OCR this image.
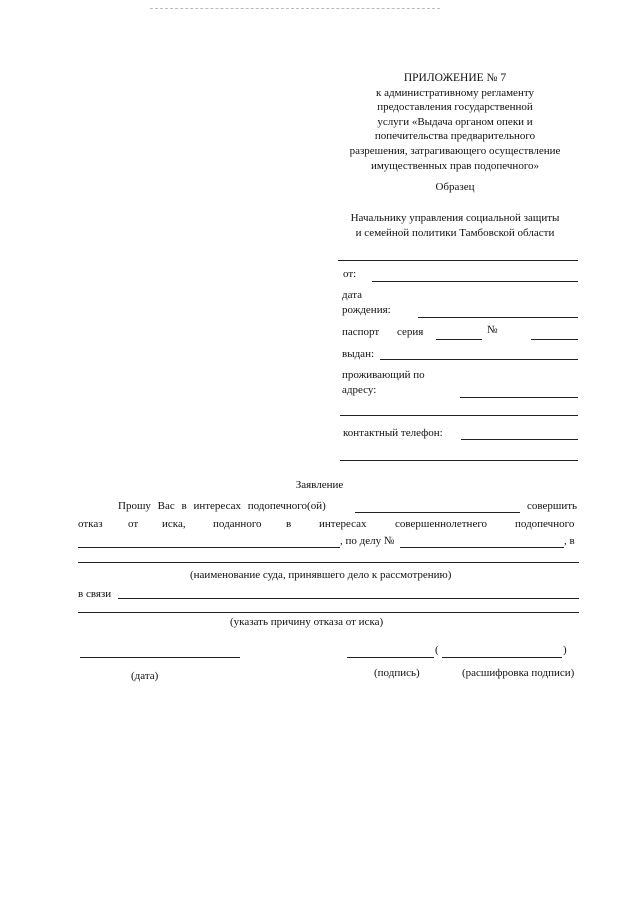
ПРИЛОЖЕНИЕ № 7
к административному регламенту
предоставления государственной
услуги «Выдача органом опеки и
попечительства предварительного
разрешения, затрагивающего осуществление
имущественных прав подопечного»
Образец
Начальнику управления социальной защиты
и семейной политики Тамбовской области
от:
дата
рождения:
паспорт серия	№
выдан:
проживающий по
адресу:
контактный телефон:
Заявление
Прошу Вас в интересах подопечного(ой)	совершить
отказ от иска, поданного в	интересах	совершеннолетнего	подопечного
, по делу №	, в
(наименование суда, принявшего дело к рассмотрению)
в связи
(указать причину отказа от иска)
(	)
(дата)	(подпись)	(расшифровка подписи)
